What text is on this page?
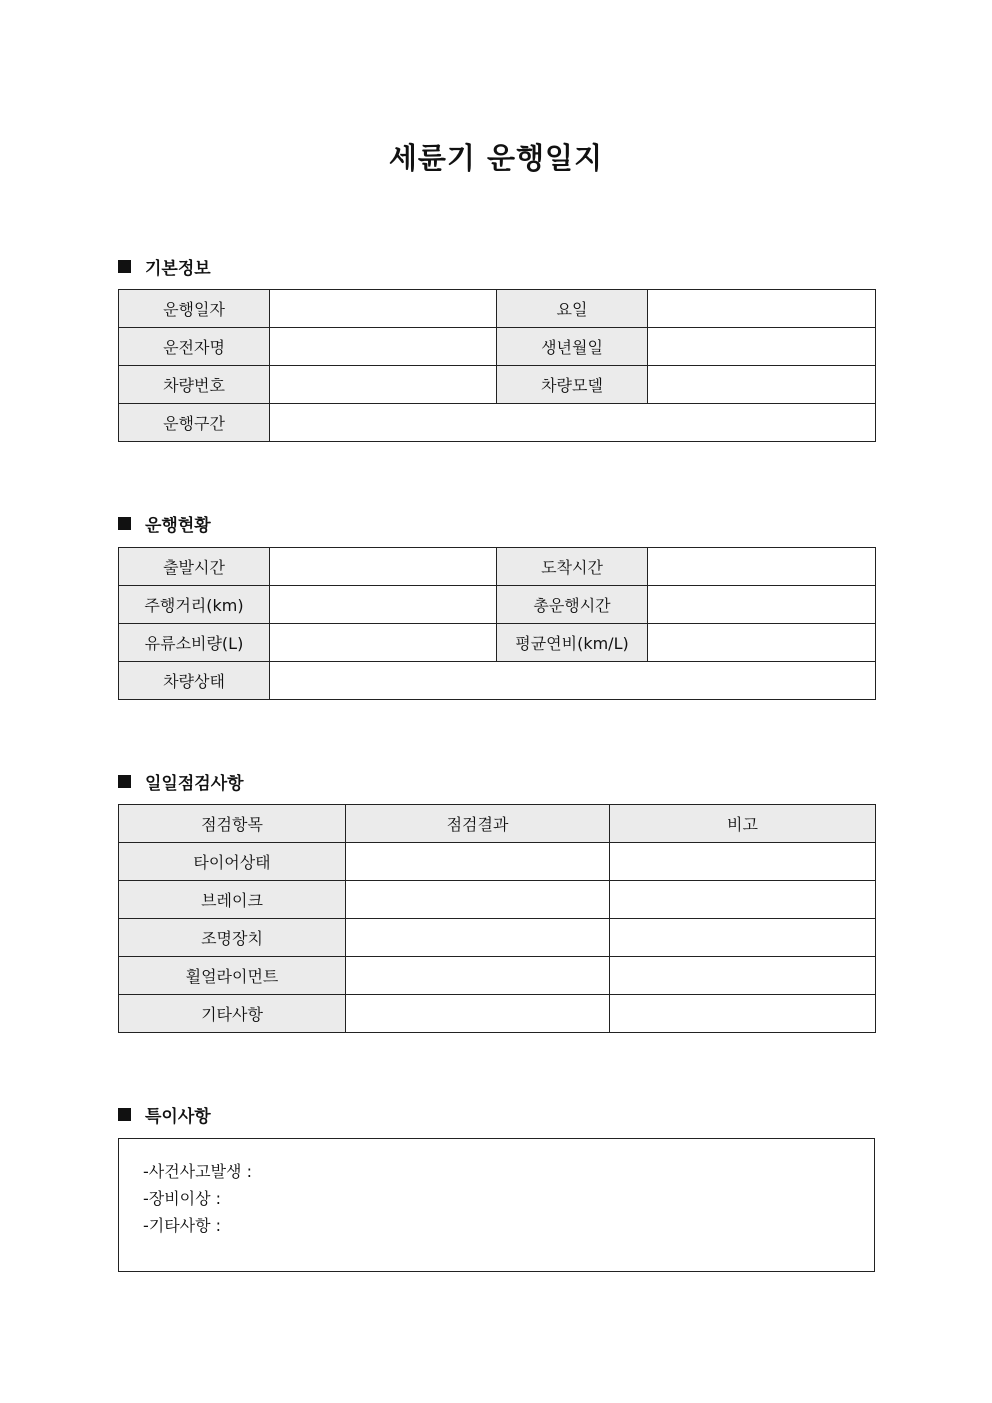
세륜기 운행일지
기본정보
운행일자		요일	
운전자명		생년월일	
차량번호		차량모델	
운행구간			
운행현황
출발시간		도착시간	
주행거리(km)		총운행시간	
유류소비량(L)		평균연비(km/L)	
차량상태			
일일점검사항
점검항목	점검결과	비고
타이어상태		
브레이크		
조명장치		
휠얼라이먼트		
기타사항		
특이사항
-사건사고발생 :
-장비이상 :
-기타사항 :
